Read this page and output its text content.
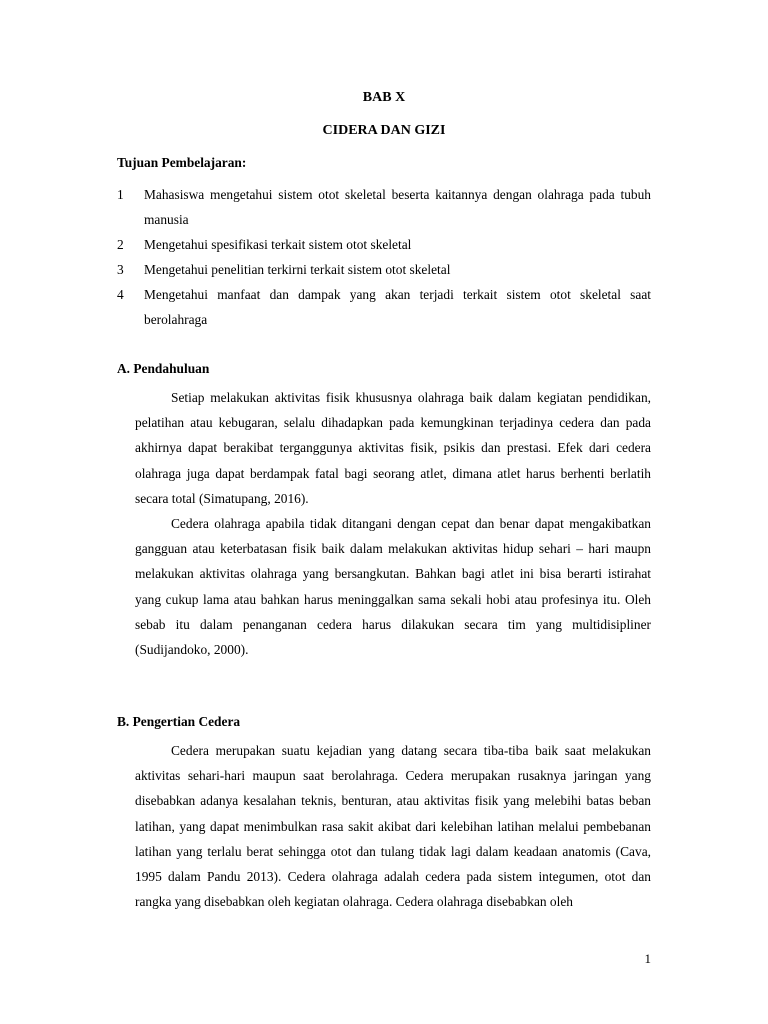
BAB X
CIDERA DAN GIZI
Tujuan Pembelajaran:
1 Mahasiswa mengetahui sistem otot skeletal beserta kaitannya dengan olahraga pada tubuh manusia
2 Mengetahui spesifikasi terkait sistem otot skeletal
3 Mengetahui penelitian terkirni terkait sistem otot skeletal
4 Mengetahui manfaat dan dampak yang akan terjadi terkait sistem otot skeletal saat berolahraga
A. Pendahuluan

Setiap melakukan aktivitas fisik khususnya olahraga baik dalam kegiatan pendidikan, pelatihan atau kebugaran, selalu dihadapkan pada kemungkinan terjadinya cedera dan pada akhirnya dapat berakibat terganggunya aktivitas fisik, psikis dan prestasi. Efek dari cedera olahraga juga dapat berdampak fatal bagi seorang atlet, dimana atlet harus berhenti berlatih secara total (Simatupang, 2016).

Cedera olahraga apabila tidak ditangani dengan cepat dan benar dapat mengakibatkan gangguan atau keterbatasan fisik baik dalam melakukan aktivitas hidup sehari – hari maupn melakukan aktivitas olahraga yang bersangkutan. Bahkan bagi atlet ini bisa berarti istirahat yang cukup lama atau bahkan harus meninggalkan sama sekali hobi atau profesinya itu. Oleh sebab itu dalam penanganan cedera harus dilakukan secara tim yang multidisipliner (Sudijandoko, 2000).

B. Pengertian Cedera

Cedera merupakan suatu kejadian yang datang secara tiba-tiba baik saat melakukan aktivitas sehari-hari maupun saat berolahraga. Cedera merupakan rusaknya jaringan yang disebabkan adanya kesalahan teknis, benturan, atau aktivitas fisik yang melebihi batas beban latihan, yang dapat menimbulkan rasa sakit akibat dari kelebihan latihan melalui pembebanan latihan yang terlalu berat sehingga otot dan tulang tidak lagi dalam keadaan anatomis (Cava, 1995 dalam Pandu 2013). Cedera olahraga adalah cedera pada sistem integumen, otot dan rangka yang disebabkan oleh kegiatan olahraga. Cedera olahraga disebabkan oleh

1
